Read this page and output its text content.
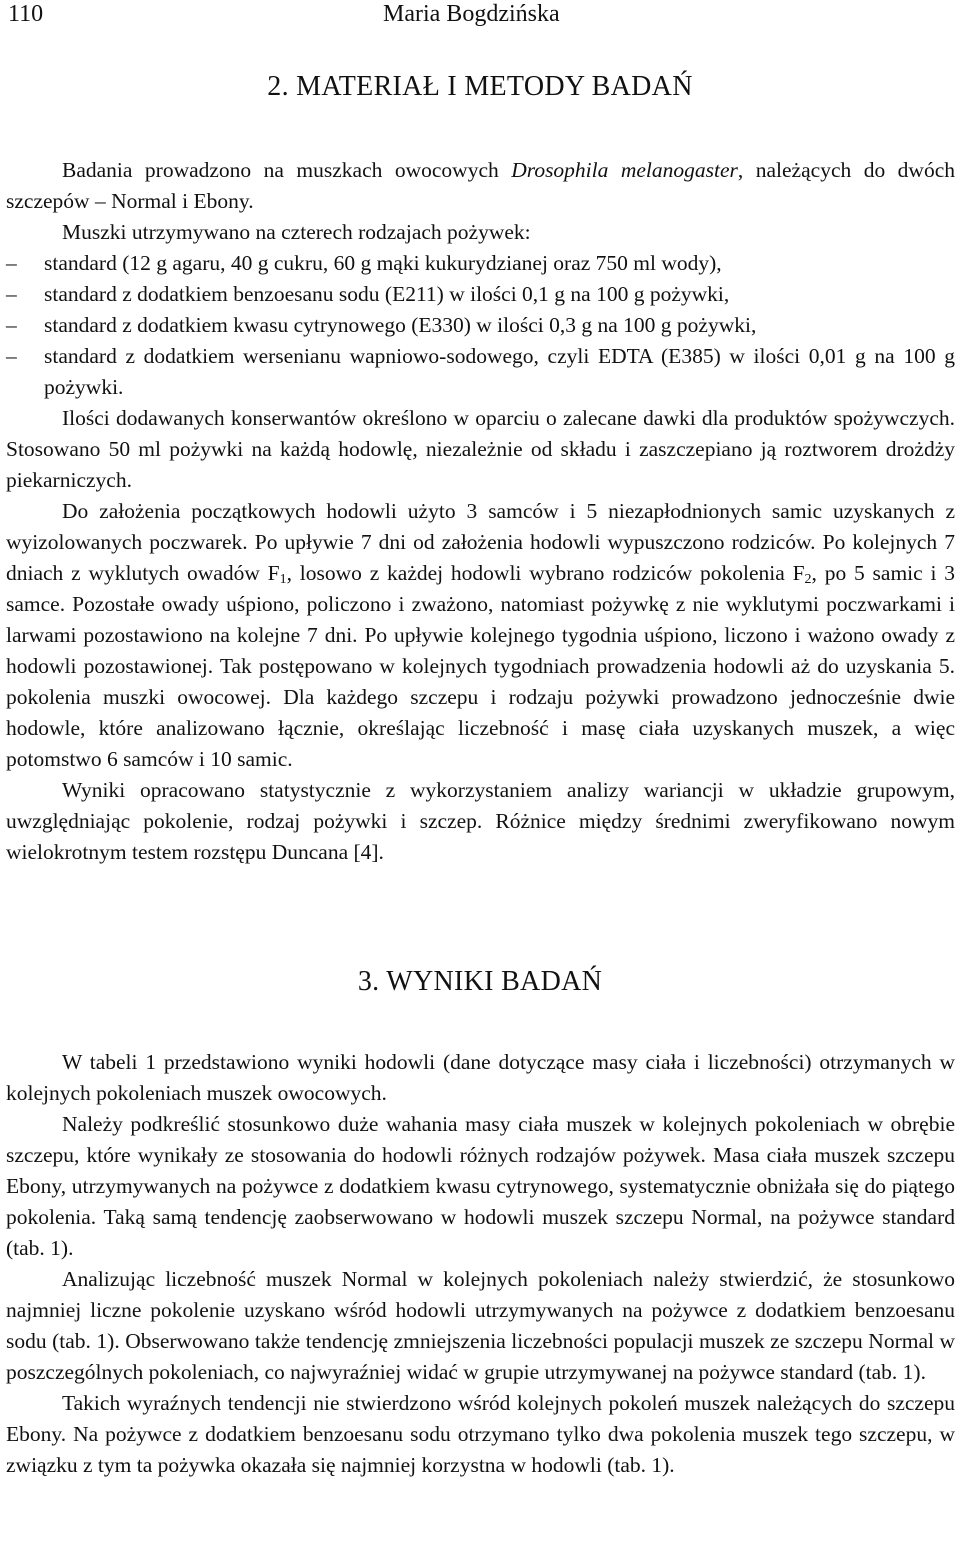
110	Maria Bogdzińska
2. MATERIAŁ I METODY BADAŃ

Badania prowadzono na muszkach owocowych Drosophila melanogaster, należących do dwóch szczepów – Normal i Ebony.

Muszki utrzymywano na czterech rodzajach pożywek:

– standard (12 g agaru, 40 g cukru, 60 g mąki kukurydzianej oraz 750 ml wody),
– standard z dodatkiem benzoesanu sodu (E211) w ilości 0,1 g na 100 g pożywki,
– standard z dodatkiem kwasu cytrynowego (E330) w ilości 0,3 g na 100 g pożywki,
– standard z dodatkiem wersenianu wapniowo-sodowego, czyli EDTA (E385) w ilości 0,01 g na 100 g pożywki.

Ilości dodawanych konserwantów określono w oparciu o zalecane dawki dla produktów spożywczych. Stosowano 50 ml pożywki na każdą hodowlę, niezależnie od składu i zaszczepiano ją roztworem drożdży piekarniczych.

Do założenia początkowych hodowli użyto 3 samców i 5 niezapłodnionych samic uzyskanych z wyizolowanych poczwarek. Po upływie 7 dni od założenia hodowli wypuszczono rodziców. Po kolejnych 7 dniach z wyklutych owadów $F_1$, losowo z każdej hodowli wybrano rodziców pokolenia $F_2$, po 5 samic i 3 samce. Pozostałe owady uśpiono, policzono i zważono, natomiast pożywkę z nie wyklutymi poczwarkami i larwami pozostawiono na kolejne 7 dni. Po upływie kolejnego tygodnia uśpiono, liczono i ważono owady z hodowli pozostawionej. Tak postępowano w kolejnych tygodniach prowadzenia hodowli aż do uzyskania 5. pokolenia muszki owocowej. Dla każdego szczepu i rodzaju pożywki prowadzono jednocześnie dwie hodowle, które analizowano łącznie, określając liczebność i masę ciała uzyskanych muszek, a więc potomstwo 6 samców i 10 samic.

Wyniki opracowano statystycznie z wykorzystaniem analizy wariancji w układzie grupowym, uwzględniając pokolenie, rodzaj pożywki i szczep. Różnice między średnimi zweryfikowano nowym wielokrotnym testem rozstępu Duncana [4].

3. WYNIKI BADAŃ

W tabeli 1 przedstawiono wyniki hodowli (dane dotyczące masy ciała i liczebności) otrzymanych w kolejnych pokoleniach muszek owocowych.

Należy podkreślić stosunkowo duże wahania masy ciała muszek w kolejnych pokoleniach w obrębie szczepu, które wynikały ze stosowania do hodowli różnych rodzajów pożywek. Masa ciała muszek szczepu Ebony, utrzymywanych na pożywce z dodatkiem kwasu cytrynowego, systematycznie obniżała się do piątego pokolenia. Taką samą tendencję zaobserwowano w hodowli muszek szczepu Normal, na pożywce standard (tab. 1).

Analizując liczebność muszek Normal w kolejnych pokoleniach należy stwierdzić, że stosunkowo najmniej liczne pokolenie uzyskano wśród hodowli utrzymywanych na pożywce z dodatkiem benzoesanu sodu (tab. 1). Obserwowano także tendencję zmniejszenia liczebności populacji muszek ze szczepu Normal w poszczególnych pokoleniach, co najwyraźniej widać w grupie utrzymywanej na pożywce standard (tab. 1).

Takich wyraźnych tendencji nie stwierdzono wśród kolejnych pokoleń muszek należących do szczepu Ebony. Na pożywce z dodatkiem benzoesanu sodu otrzymano tylko dwa pokolenia muszek tego szczepu, w związku z tym ta pożywka okazała się najmniej korzystna w hodowli (tab. 1).
